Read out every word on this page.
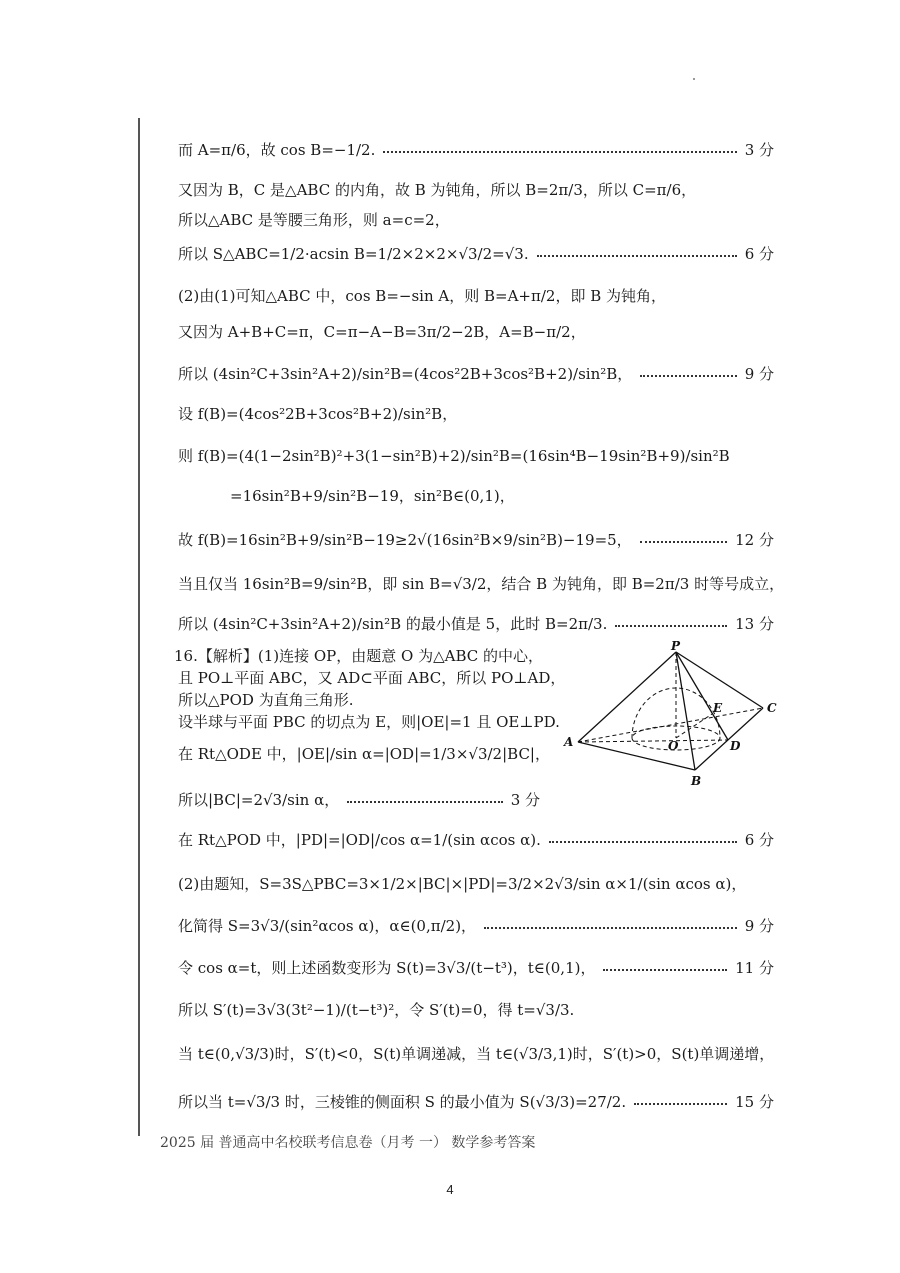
而 A=π/6，故 cos B=−1/2.	3 分
又因为 B，C 是△ABC 的内角，故 B 为钝角，所以 B=2π/3，所以 C=π/6，
所以△ABC 是等腰三角形，则 a=c=2，
所以 S△ABC=1/2·acsin B=1/2×2×2×√3/2=√3.	6 分
(2)由(1)可知△ABC 中，cos B=−sin A，则 B=A+π/2，即 B 为钝角，
又因为 A+B+C=π，C=π−A−B=3π/2−2B，A=B−π/2，
所以 (4sin²C+3sin²A+2)/sin²B=(4cos²2B+3cos²B+2)/sin²B，	9 分
设 f(B)=(4cos²2B+3cos²B+2)/sin²B，
则 f(B)=(4(1−2sin²B)²+3(1−sin²B)+2)/sin²B=(16sin⁴B−19sin²B+9)/sin²B
=16sin²B+9/sin²B−19，sin²B∈(0,1)，
故 f(B)=16sin²B+9/sin²B−19≥2√(16sin²B×9/sin²B)−19=5，	12 分
当且仅当 16sin²B=9/sin²B，即 sin B=√3/2，结合 B 为钝角，即 B=2π/3 时等号成立，
所以 (4sin²C+3sin²A+2)/sin²B 的最小值是 5，此时 B=2π/3.	13 分
16.【解析】(1)连接 OP，由题意 O 为△ABC 的中心，
且 PO⊥平面 ABC，又 AD⊂平面 ABC，所以 PO⊥AD，
所以△POD 为直角三角形.
设半球与平面 PBC 的切点为 E，则|OE|=1 且 OE⊥PD.
在 Rt△ODE 中，|OE|/sin α=|OD|=1/3×√3/2|BC|，
所以|BC|=2√3/sin α，	3 分
在 Rt△POD 中，|PD|=|OD|/cos α=1/(sin αcos α).	6 分
(2)由题知，S=3S△PBC=3×1/2×|BC|×|PD|=3/2×2√3/sin α×1/(sin αcos α)，
化简得 S=3√3/(sin²αcos α)，α∈(0,π/2)，	9 分
令 cos α=t，则上述函数变形为 S(t)=3√3/(t−t³)，t∈(0,1)，	11 分
所以 S′(t)=3√3(3t²−1)/(t−t³)²，令 S′(t)=0，得 t=√3/3.
当 t∈(0,√3/3)时，S′(t)<0，S(t)单调递减，当 t∈(√3/3,1)时，S′(t)>0，S(t)单调递增，
所以当 t=√3/3 时，三棱锥的侧面积 S 的最小值为 S(√3/3)=27/2.	15 分
P
A
B
C
D
E
O
2025 届 普通高中名校联考信息卷（月考 一） 数学参考答案
4
